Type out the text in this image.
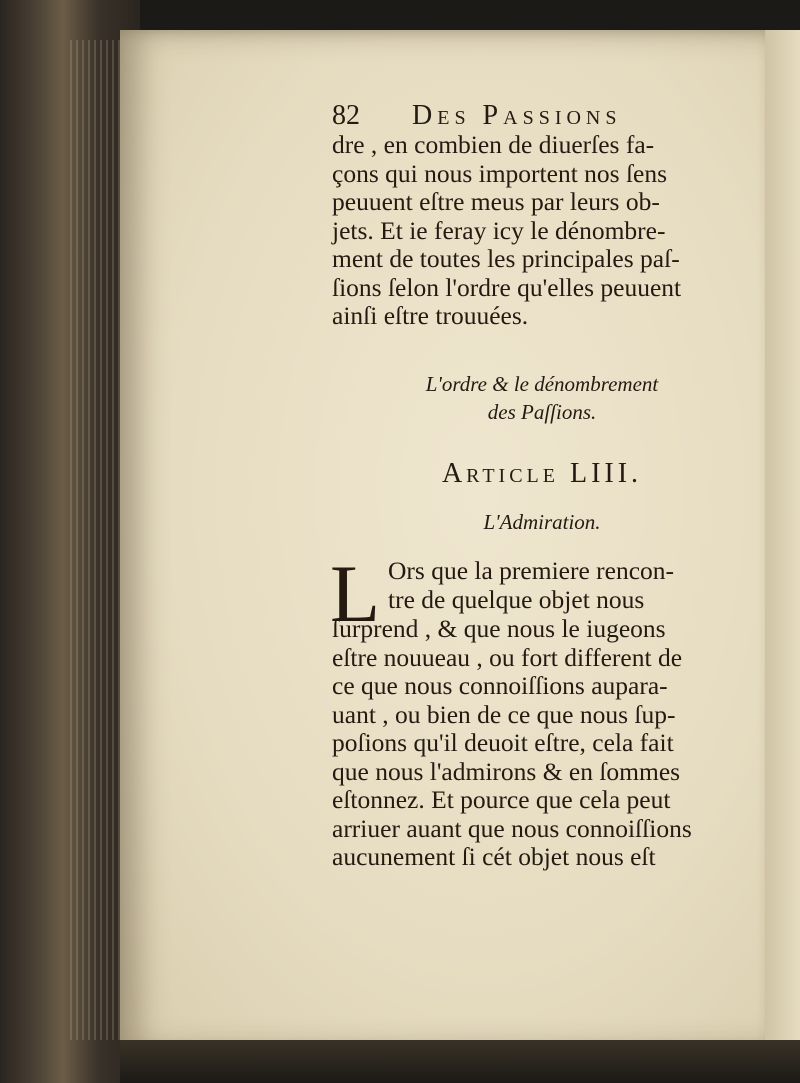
82 Des Passions
dre , en combien de diuerſes fa-
çons qui nous importent nos ſens
peuuent eſtre meus par leurs ob-
jets. Et ie feray icy le dénombre-
ment de toutes les principales paſ-
ſions ſelon l'ordre qu'elles peuuent
ainſi eſtre trouuées.
L'ordre & le dénombrement
des Paſſions.
Article LIII.
L'Admiration.
L Ors que la premiere rencon-
tre de quelque objet nous
ſurprend , & que nous le iugeons
eſtre nouueau , ou fort different de
ce que nous connoiſſions aupara-
uant , ou bien de ce que nous ſup-
poſions qu'il deuoit eſtre, cela fait
que nous l'admirons & en ſommes
eſtonnez. Et pource que cela peut
arriuer auant que nous connoiſſions
aucunement ſi cét objet nous eſt
